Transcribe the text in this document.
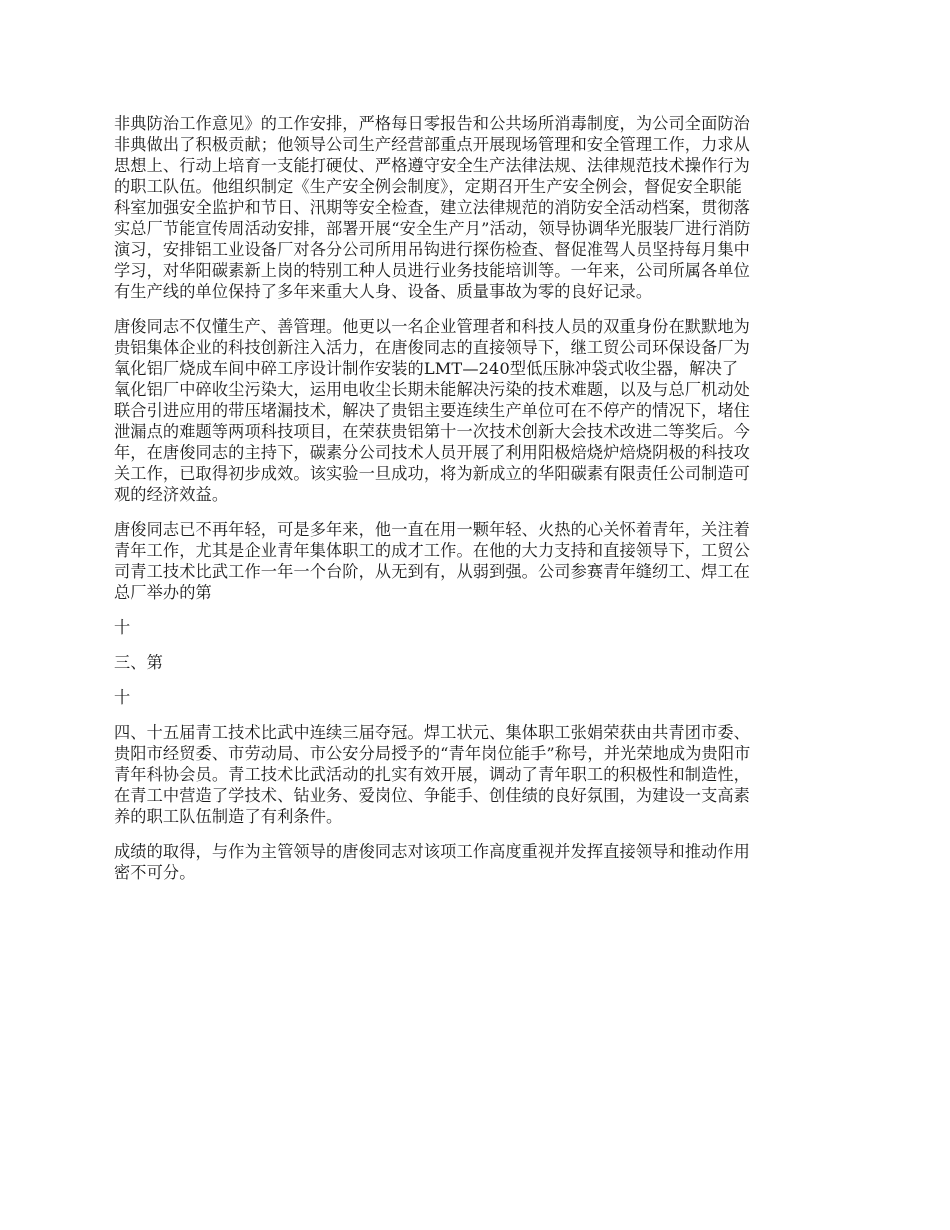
非典防治工作意见》的工作安排，严格每日零报告和公共场所消毒制度，为公司全面防治
非典做出了积极贡献；他领导公司生产经营部重点开展现场管理和安全管理工作，力求从
思想上、行动上培育一支能打硬仗、严格遵守安全生产法律法规、法律规范技术操作行为
的职工队伍。他组织制定《生产安全例会制度》，定期召开生产安全例会，督促安全职能
科室加强安全监护和节日、汛期等安全检查，建立法律规范的消防安全活动档案，贯彻落
实总厂节能宣传周活动安排，部署开展“安全生产月”活动，领导协调华光服装厂进行消防
演习，安排铝工业设备厂对各分公司所用吊钩进行探伤检查、督促准驾人员坚持每月集中
学习，对华阳碳素新上岗的特别工种人员进行业务技能培训等。一年来，公司所属各单位
有生产线的单位保持了多年来重大人身、设备、质量事故为零的良好记录。

唐俊同志不仅懂生产、善管理。他更以一名企业管理者和科技人员的双重身份在默默地为
贵铝集体企业的科技创新注入活力，在唐俊同志的直接领导下，继工贸公司环保设备厂为
氧化铝厂烧成车间中碎工序设计制作安装的LMT—240型低压脉冲袋式收尘器，解决了
氧化铝厂中碎收尘污染大，运用电收尘长期未能解决污染的技术难题，以及与总厂机动处
联合引进应用的带压堵漏技术，解决了贵铝主要连续生产单位可在不停产的情况下，堵住
泄漏点的难题等两项科技项目，在荣获贵铝第十一次技术创新大会技术改进二等奖后。今
年，在唐俊同志的主持下，碳素分公司技术人员开展了利用阳极焙烧炉焙烧阴极的科技攻
关工作，已取得初步成效。该实验一旦成功，将为新成立的华阳碳素有限责任公司制造可
观的经济效益。

唐俊同志已不再年轻，可是多年来，他一直在用一颗年轻、火热的心关怀着青年，关注着
青年工作，尤其是企业青年集体职工的成才工作。在他的大力支持和直接领导下，工贸公
司青工技术比武工作一年一个台阶，从无到有，从弱到强。公司参赛青年缝纫工、焊工在
总厂举办的第

十

三、第

十

四、十五届青工技术比武中连续三届夺冠。焊工状元、集体职工张娟荣获由共青团市委、
贵阳市经贸委、市劳动局、市公安分局授予的“青年岗位能手”称号，并光荣地成为贵阳市
青年科协会员。青工技术比武活动的扎实有效开展，调动了青年职工的积极性和制造性，
在青工中营造了学技术、钻业务、爱岗位、争能手、创佳绩的良好氛围，为建设一支高素
养的职工队伍制造了有利条件。

成绩的取得，与作为主管领导的唐俊同志对该项工作高度重视并发挥直接领导和推动作用
密不可分。
